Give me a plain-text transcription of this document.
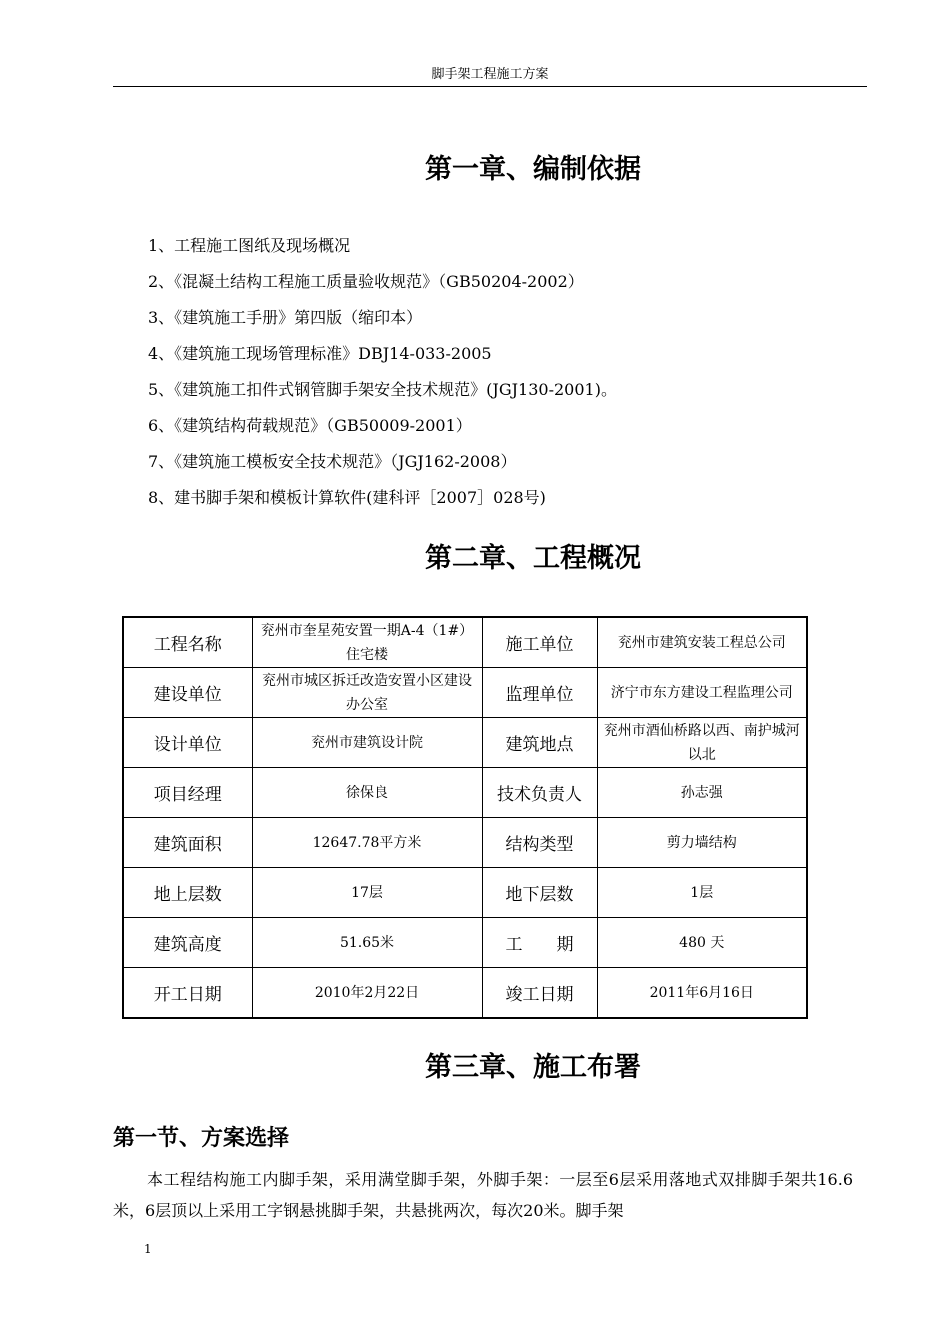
脚手架工程施工方案
第一章、编制依据
1、工程施工图纸及现场概况
2、《混凝土结构工程施工质量验收规范》（GB50204-2002）
3、《建筑施工手册》第四版（缩印本）
4、《建筑施工现场管理标准》DBJ14-033-2005
5、《建筑施工扣件式钢管脚手架安全技术规范》(JGJ130-2001)。
6、《建筑结构荷载规范》（GB50009-2001）
7、《建筑施工模板安全技术规范》（JGJ162-2008）
8、建书脚手架和模板计算软件(建科评［2007］028号)
第二章、工程概况
工程名称	兖州市奎星苑安置一期A-4（1#） 住宅楼	施工单位	兖州市建筑安装工程总公司
建设单位	兖州市城区拆迁改造安置小区建设办公室	监理单位	济宁市东方建设工程监理公司
设计单位	兖州市建筑设计院	建筑地点	兖州市酒仙桥路以西、南护城河以北
项目经理	徐保良	技术负责人	孙志强
建筑面积	12647.78平方米	结构类型	剪力墙结构
地上层数	17层	地下层数	1层
建筑高度	51.65米	工　　期	480 天
开工日期	2010年2月22日	竣工日期	2011年6月16日
第三章、施工布署
第一节、方案选择

本工程结构施工内脚手架，采用满堂脚手架，外脚手架：一层至6层采用落地式双排脚手架共16.6米，6层顶以上采用工字钢悬挑脚手架，共悬挑两次，每次20米。脚手架

1
